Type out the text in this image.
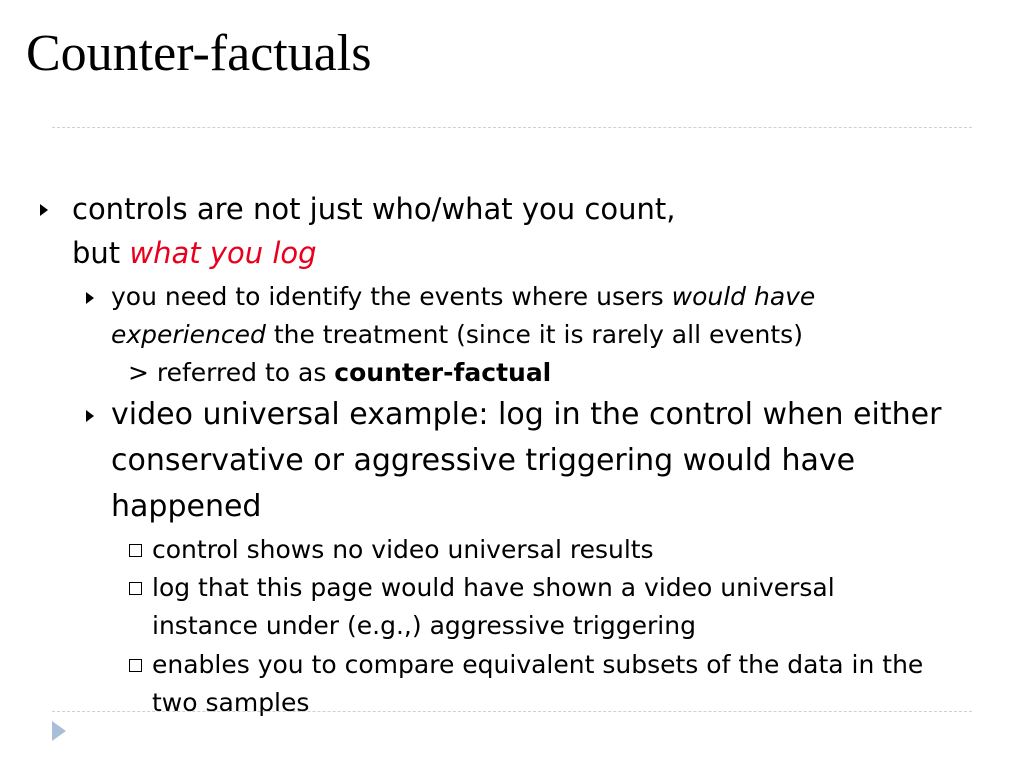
Counter-factuals
controls are not just who/what you count,
but what you log
you need to identify the events where users would have
experienced the treatment (since it is rarely all events)
> referred to as counter-factual
video universal example: log in the control when either
conservative or aggressive triggering would have
happened
control shows no video universal results
log that this page would have shown a video universal
instance under (e.g.,) aggressive triggering
enables you to compare equivalent subsets of the data in the
two samples
